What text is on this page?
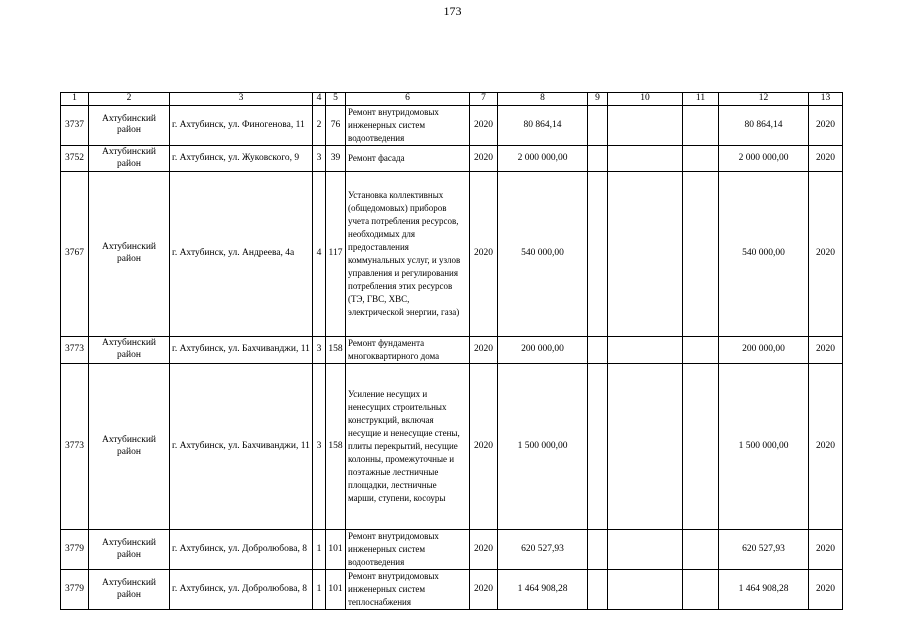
173
1	2	3	4	5	6	7	8	9	10	11	12	13
3737	Ахтубинский район	г. Ахтубинск, ул. Финогенова, 11	2	76	Ремонт внутридомовых инженерных систем водоотведения	2020	80 864,14				80 864,14	2020
3752	Ахтубинский район	г. Ахтубинск, ул. Жуковского, 9	3	39	Ремонт фасада	2020	2 000 000,00				2 000 000,00	2020
3767	Ахтубинский район	г. Ахтубинск, ул. Андреева, 4а	4	117	Установка коллективных (общедомовых) приборов учета потребления ресурсов, необходимых для предоставления коммунальных услуг, и узлов управления и регулирования потребления этих ресурсов (ТЭ, ГВС, ХВС, электрической энергии, газа)	2020	540 000,00				540 000,00	2020
3773	Ахтубинский район	г. Ахтубинск, ул. Бахчиванджи, 11	3	158	Ремонт фундамента многоквартирного дома	2020	200 000,00				200 000,00	2020
3773	Ахтубинский район	г. Ахтубинск, ул. Бахчиванджи, 11	3	158	Усиление несущих и ненесущих строительных конструкций, включая несущие и ненесущие стены, плиты перекрытий, несущие колонны, промежуточные и поэтажные лестничные площадки, лестничные марши, ступени, косоуры	2020	1 500 000,00				1 500 000,00	2020
3779	Ахтубинский район	г. Ахтубинск, ул. Добролюбова, 8	1	101	Ремонт внутридомовых инженерных систем водоотведения	2020	620 527,93				620 527,93	2020
3779	Ахтубинский район	г. Ахтубинск, ул. Добролюбова, 8	1	101	Ремонт внутридомовых инженерных систем теплоснабжения	2020	1 464 908,28				1 464 908,28	2020
